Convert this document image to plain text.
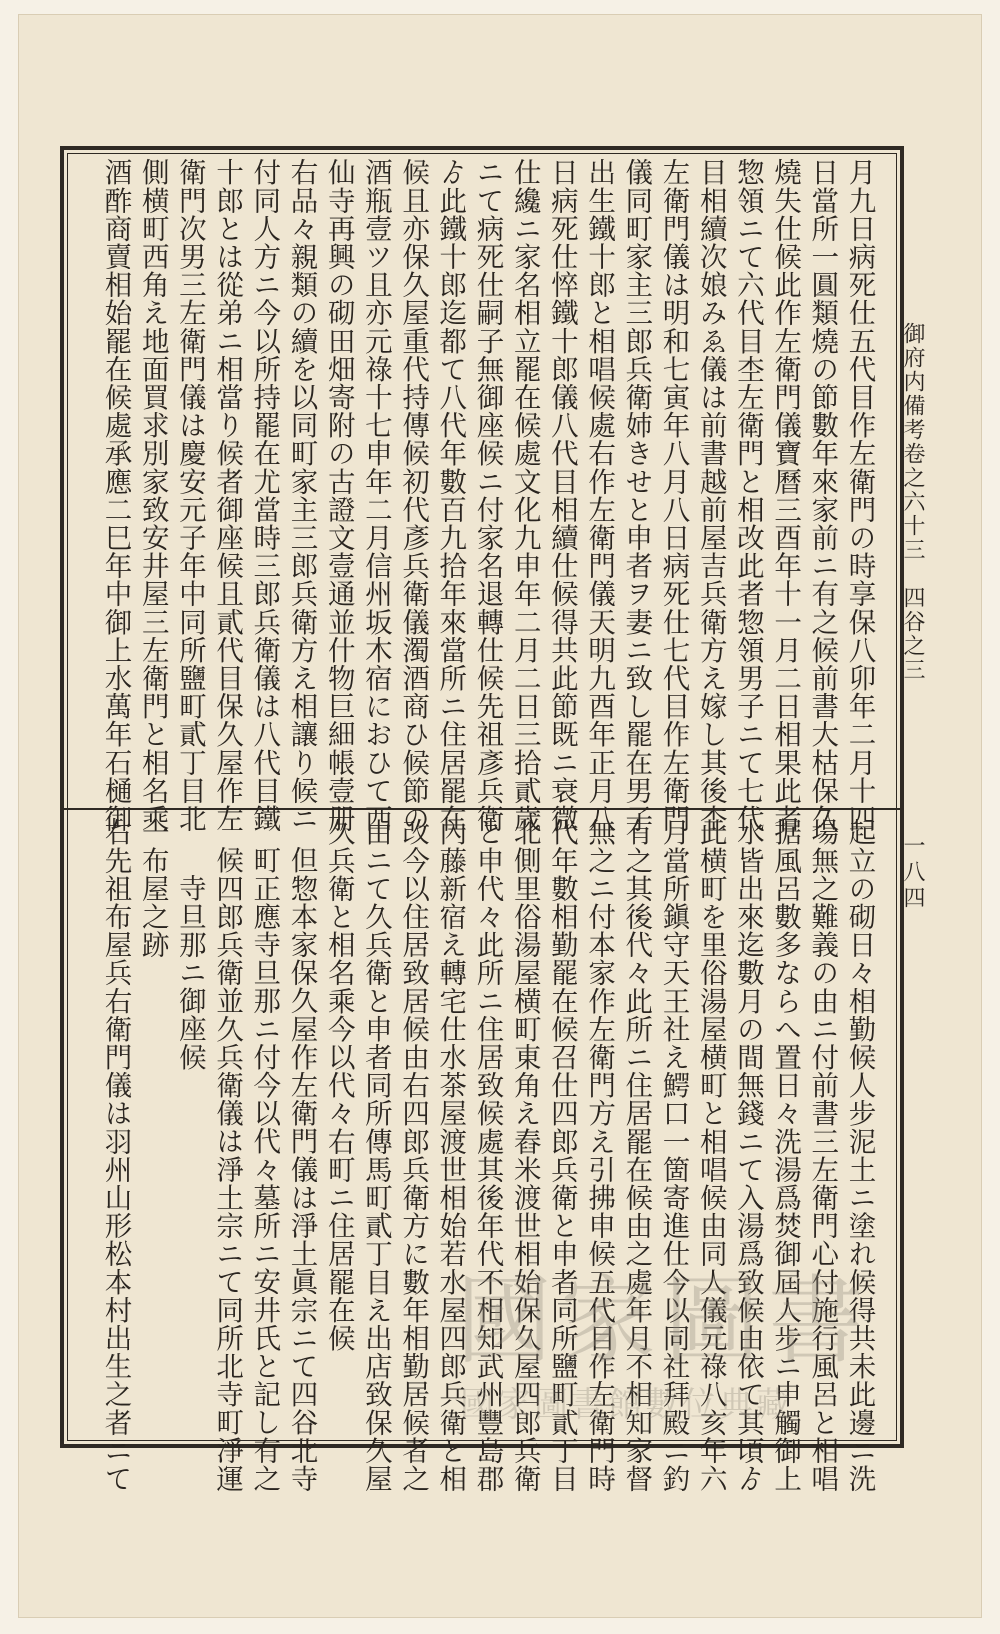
御府内備考卷之六十三　四谷之三
月九日病死仕五代目作左衛門の時享保八卯年二月十四
日當所一圓類燒の節數年來家前ニ有之候前書大枯保久
燒失仕候此作左衛門儀寶曆三酉年十一月二日相果此者
惣領ニて六代目杢左衛門と相改此者惣領男子ニて七代
目相續次娘みゑ儀は前書越前屋吉兵衛方え嫁し其後杢
左衛門儀は明和七寅年八月八日病死仕七代目作左衛門
儀同町家主三郎兵衛姉きせと申者ヲ妻ニ致し罷在男子
出生鐵十郎と相唱候處右作左衛門儀天明九酉年正月八
日病死仕悴鐵十郎儀八代目相續仕候得共此節既ニ衰微
仕纔ニ家名相立罷在候處文化九申年二月二日三拾貳歲
ニて病死仕嗣子無御座候ニ付家名退轉仕候先祖彥兵衛
ゟ此鐵十郎迄都て八代年數百九拾年來當所ニ住居罷在
候且亦保久屋重代持傳候初代彥兵衛儀濁酒商ひ候節の
酒瓶壹ツ且亦元祿十七申年二月信州坂木宿におひて西
仙寺再興の砌田畑寄附の古證文壹通並什物巨細帳壹册
右品々親類の續を以同町家主三郎兵衛方え相讓り候ニ
付同人方ニ今以所持罷在尤當時三郎兵衛儀は八代目鐵
十郎とは從弟ニ相當り候者御座候且貳代目保久屋作左
衛門次男三左衛門儀は慶安元子年中同所鹽町貳丁目北
側横町西角え地面買求別家致安井屋三左衛門と相名乘
酒酢商賣相始罷在候處承應二巳年中御上水萬年石樋御
起立の砌日々相勤候人步泥土ニ塗れ候得共未此邊ニ洗
場無之難義の由ニ付前書三左衛門心付施行風呂と相唱
据風呂數多ならへ置日々洗湯爲焚御屆人步ニ申觸御上
水皆出來迄數月の間無錢ニて入湯爲致候由依て其頃ゟ
此横町を里俗湯屋横町と相唱候由同人儀元祿八亥年六
月當所鎭守天王社え鰐口一箇寄進仕今以同社拜殿ニ釣
有之其後代々此所ニ住居罷在候由之處年月不相知家督
無之ニ付本家作左衛門方え引拂申候五代目作左衛門時
代年數相勤罷在候召仕四郎兵衛と申者同所鹽町貳丁目
北側里俗湯屋横町東角え舂米渡世相始保久屋四郎兵衛
と申代々此所ニ住居致候處其後年代不相知武州豐島郡
內藤新宿え轉宅仕水茶屋渡世相始若水屋四郎兵衛と相
改今以住居致居候由右四郎兵衛方に數年相勤居候者之
由ニて久兵衛と申者同所傳馬町貳丁目え出店致保久屋
久兵衛と相名乘今以代々右町ニ住居罷在候
但惣本家保久屋作左衛門儀は淨土眞宗ニて四谷北寺
町正應寺旦那ニ付今以代々墓所ニ安井氏と記し有之
候四郎兵衛並久兵衛儀は淨土宗ニて同所北寺町淨運
寺旦那ニ御座候
一布屋之跡
右先祖布屋兵右衛門儀は羽州山形松本村出生之者ニて	一八四
國家圖書
國家圖書館數位典藏
